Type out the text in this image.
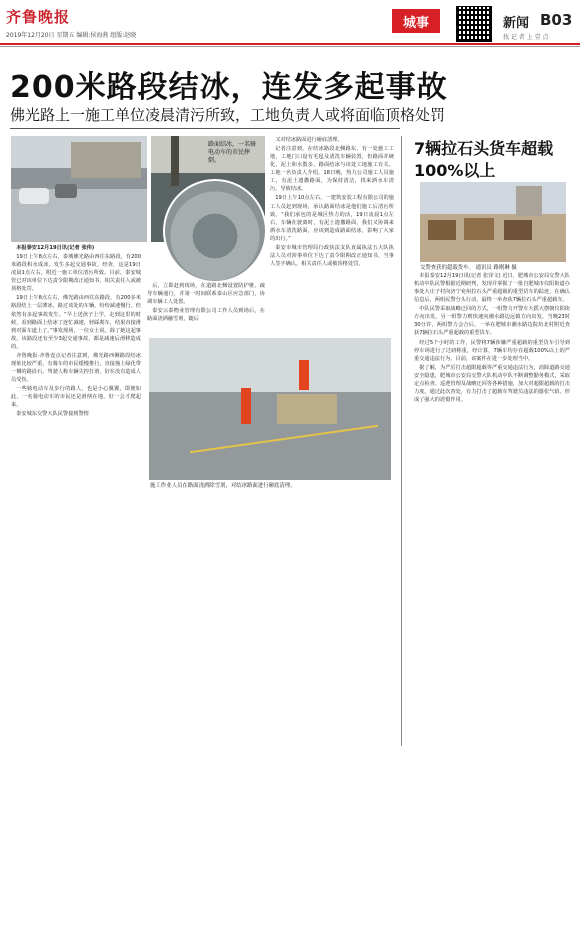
齐鲁晚报
2019年12月20日 星期五 编辑:侯海燕 组版:赵晓
城事	新闻 B03
找 记 者 上 壹 点
200米路段结冰，连发多起事故
佛光路上一施工单位凌晨清污所致，工地负责人或将面临顶格处罚
路面结冰，一名骑电动车的市民摔倒。

本报泰安12月19日讯(记者 张伟)

19日上午8点左右，泰城佛光路由西往东路段，有200米路段积水成冰，发生多起交通事故。经查，这是19日凌晨1点左右，附近一施工单位清污所致。目前，泰安城管已对该单位下达责令限期改正通知书，相关责任人或被顶格处罚。

19日上午8点左右，佛光路由西往东路段，有200多米路段结上一层薄冰，路过该处的车辆，纷纷减速慢行。但依然有多起事故发生。“早上送孩子上学，走到这里的时候，看到路面上结冰了连忙减速，轻踩刹车，结果直接滑到对面车道上了。”事发现场，一位女士说，除了她这起事故，该路段还有至少3起交通事故，都是减速后滑移造成的。

齐鲁晚报·齐鲁壹点记者注意到，佛光路西侧路段结冰现象比较严重，有骑车的市民缓慢推行，直接撞上绿化带一侧的路沿石，驾驶人称车辆失控打滑，好在没有造成人员受伤。

一些骑电动车及步行的路人，也是小心翼翼，即便如此，一名骑电动车的市民还是滑倒在地，好一会才爬起来。

泰安城东交警大队民警接到警情

后，立即赶到现场，在道路北侧设置防护锥，疏导车辆通行，并第一时间联系泰山区应急部门，协调车辆工人处置。

泰安云泰物业管理有限公司工作人员到场后，在路面浇洒融雪剂，随后

又对结冰路面进行砸底清理。

记者注意到，在结冰路段北侧路东，有一处施工工地，工地门口设有毛毡及清洗车辆装置，但路面并硬化，泥土和水散多，路面结冰与该处工地施工有关。工地一名负责人介绍，18日晚，热力公司施工人员施工，有泥土遗撒路面，为保持清洁，找来洒水车清污，导致结冰。

19日上午10点左右，一建筑安装工程有限公司的施工人员赶到现场，承认路面结冰是他们施工后清污所致。“我们承包的是城区热力的活，19日凌晨1点左右，车辆在驶离时，有泥土遗撒路面，我们又协调来洒水车清洗路面，应该到造成路面结冰，影响了大家的出行。”

泰安市城市管理局行政执法支队直属执法五大队执法人员对涉事单位下达了责令限期改正通知书，当事人签字确认，相关责任人或被顶格处罚。

施工作业人员在路面浇洒除雪剂，对结冰路面进行砸底清理。
7辆拉石头货车超载100%以上
交警查获的超载货车。 通讯员 路刚琳 摄

本报泰安12月19日讯(记者 张泽文) 近日，肥城市公安局交警大队机动中队民警根据近期研判，发现并掌握了一批自肥城市仪阳街道办事处大庄子村向济宁兖州拉石头严重超载的重型货车的踪迹，在确认信息后，两组民警分头行动，最终一举查获7辆拉石头严重超载车。

中队民警采取战略迂回的方式，一组警力开警车大摇大摆朝仪阳街方向出发，另一组警力则快速向潮水路边远镇方向出发，当晚23时30分许，两组警力会合后，一举在肥城市潮水路边院坊北村附近查获7辆拉石头严重超载的重型货车。

经过5个小时的工作，民警将7辆涉嫌严重超载的重型货车引导到停车场进行了过磅称重，经计算，7辆车均存在超载100%以上的严重交通违法行为。目前，该案件在进一步处理当中。

据了解，为严厉打击超限超载等严重交通违法行为，消除道路交通安全隐患，肥城市公安局交警大队机动中队不断调整勤务模式，采取定点检查、巡逻管理及战略迂回等各种措施，加大对超限超载的打击力度。通过此次查处，有力打击了超载车驾驶员违法的嚣张气焰，形成了强大的震慑作用。
